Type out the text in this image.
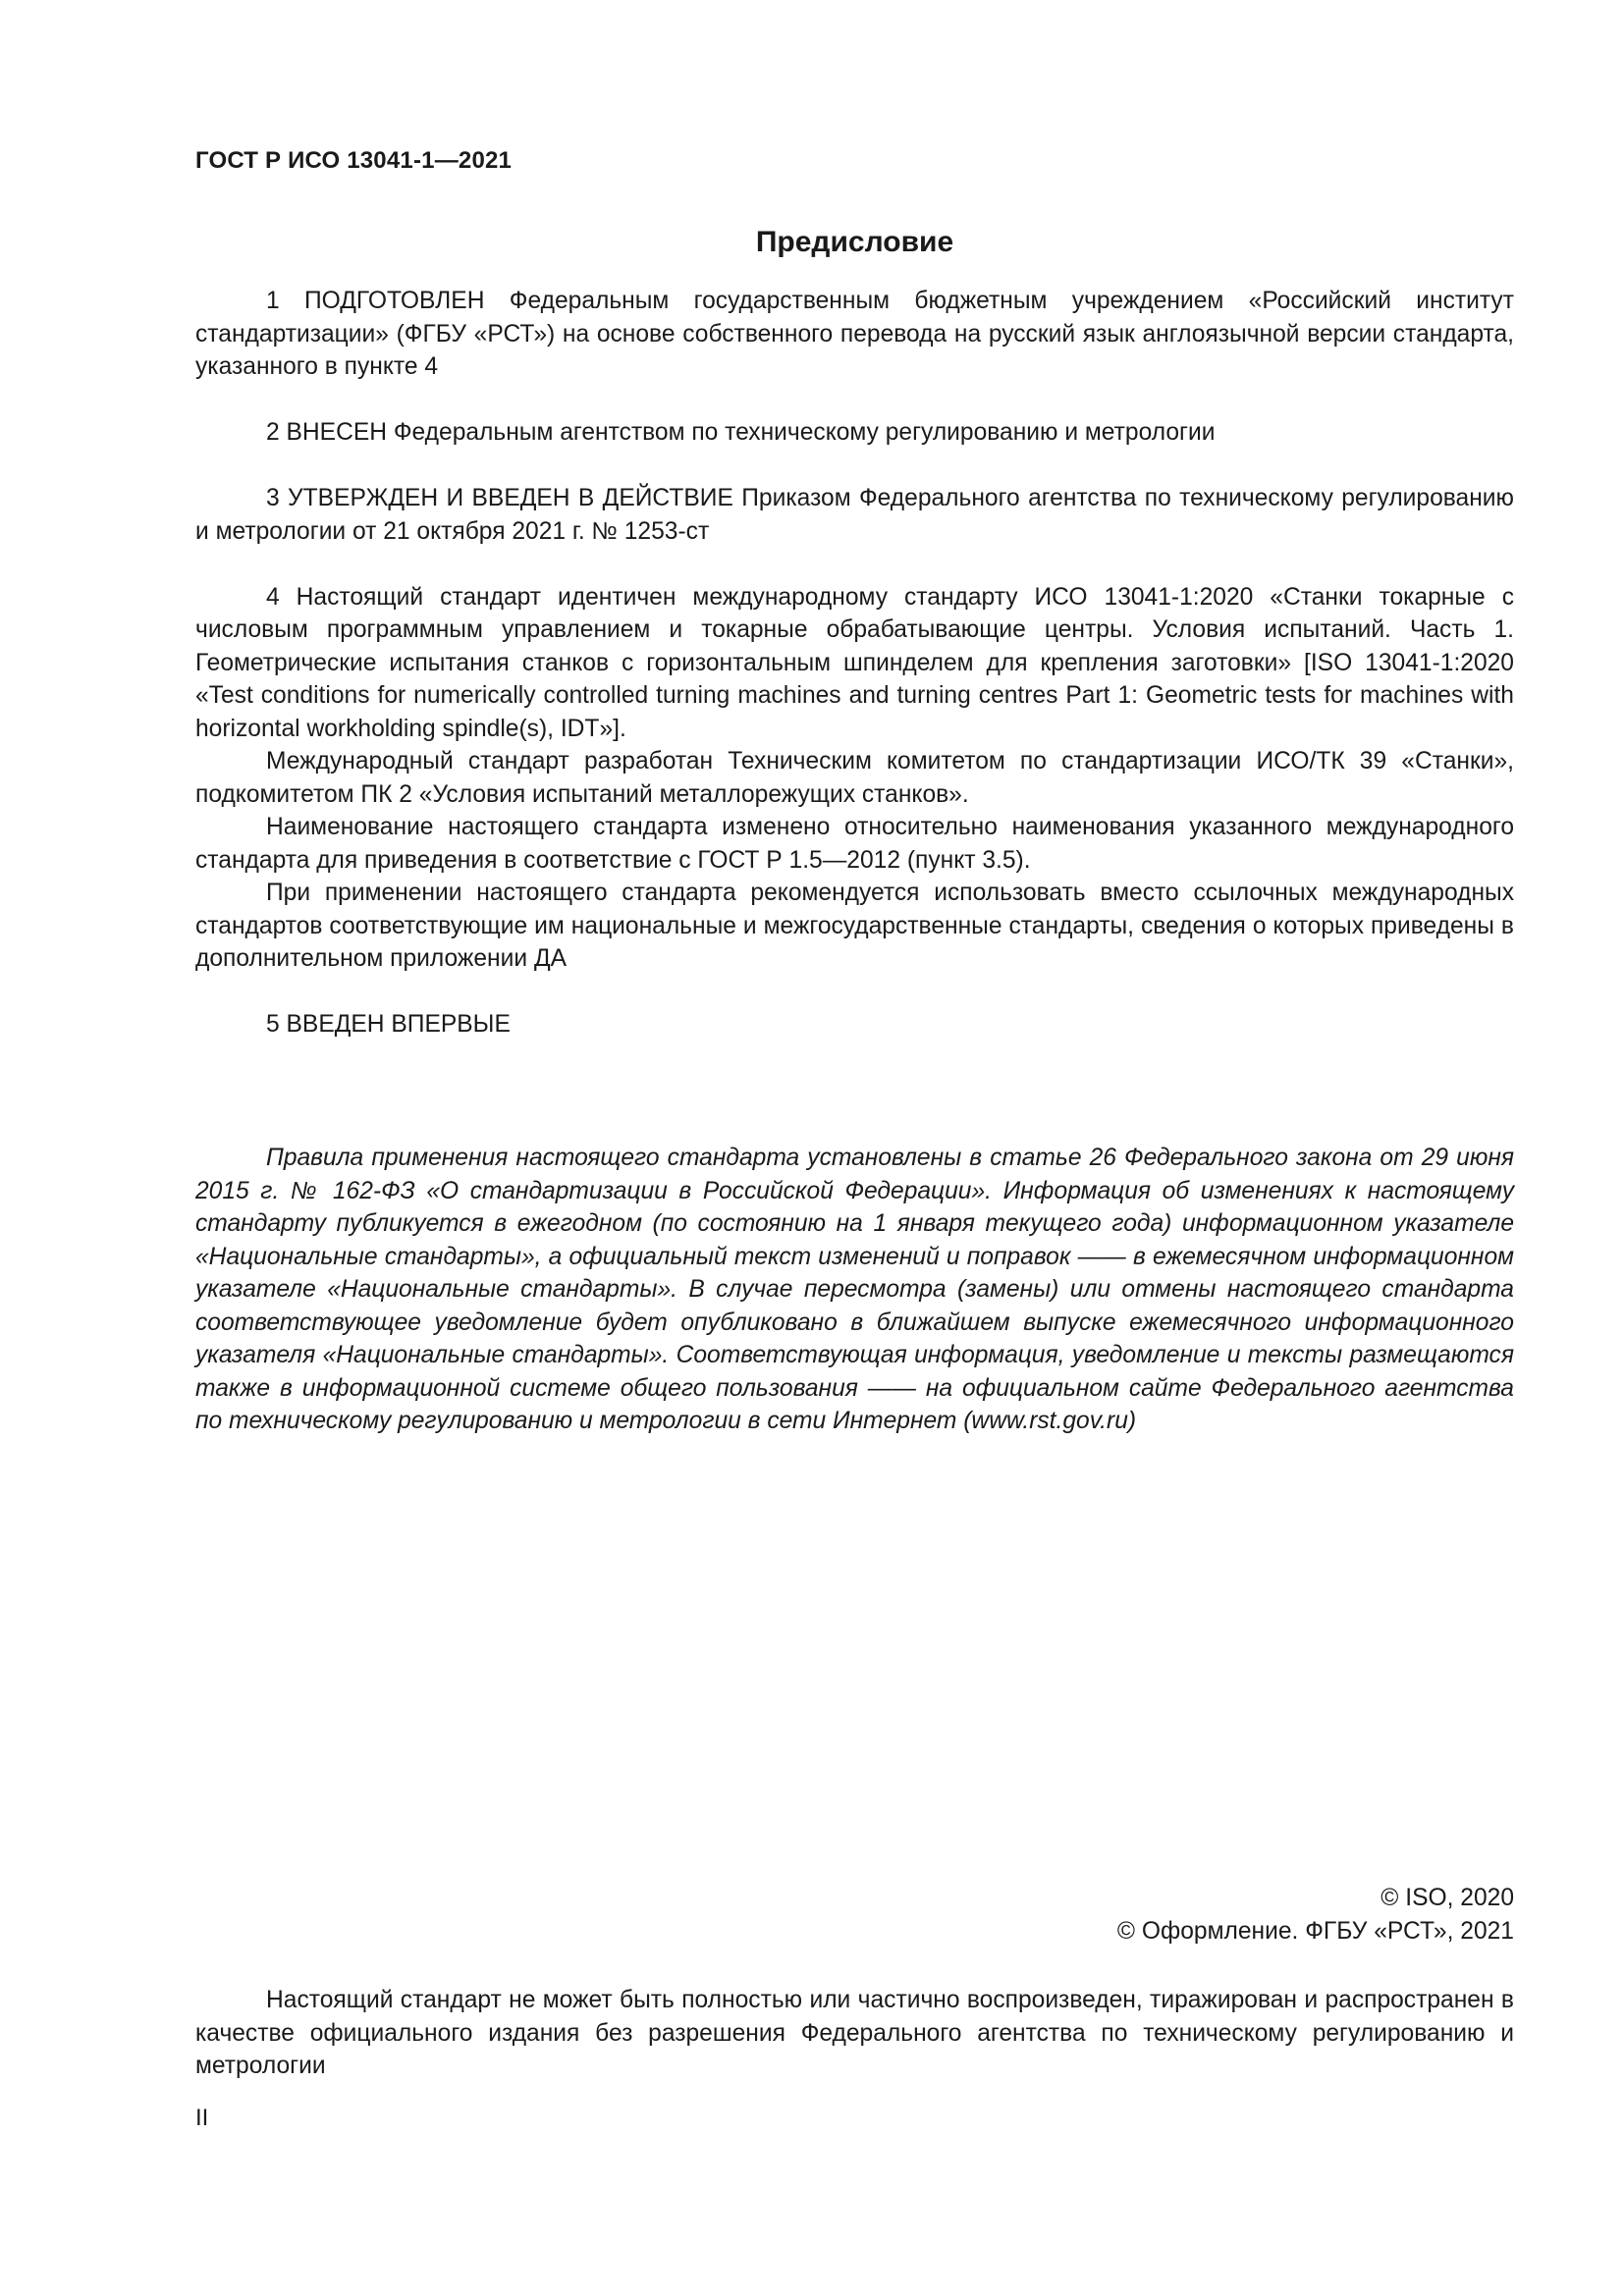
ГОСТ Р ИСО 13041-1—2021
Предисловие

1 ПОДГОТОВЛЕН Федеральным государственным бюджетным учреждением «Российский институт стандартизации» (ФГБУ «РСТ») на основе собственного перевода на русский язык англоязычной версии стандарта, указанного в пункте 4

2 ВНЕСЕН Федеральным агентством по техническому регулированию и метрологии

3 УТВЕРЖДЕН И ВВЕДЕН В ДЕЙСТВИЕ Приказом Федерального агентства по техническому регулированию и метрологии от 21 октября 2021 г. № 1253-ст

4 Настоящий стандарт идентичен международному стандарту ИСО 13041-1:2020 «Станки токарные с числовым программным управлением и токарные обрабатывающие центры. Условия испытаний. Часть 1. Геометрические испытания станков с горизонтальным шпинделем для крепления заготовки» [ISO 13041-1:2020 «Test conditions for numerically controlled turning machines and turning centres Part 1: Geometric tests for machines with horizontal workholding spindle(s), IDT»].

Международный стандарт разработан Техническим комитетом по стандартизации ИСО/ТК 39 «Станки», подкомитетом ПК 2 «Условия испытаний металлорежущих станков».

Наименование настоящего стандарта изменено относительно наименования указанного международного стандарта для приведения в соответствие с ГОСТ Р 1.5—2012 (пункт 3.5).

При применении настоящего стандарта рекомендуется использовать вместо ссылочных международных стандартов соответствующие им национальные и межгосударственные стандарты, сведения о которых приведены в дополнительном приложении ДА

5 ВВЕДЕН ВПЕРВЫЕ

Правила применения настоящего стандарта установлены в статье 26 Федерального закона от 29 июня 2015 г. № 162-ФЗ «О стандартизации в Российской Федерации». Информация об изменениях к настоящему стандарту публикуется в ежегодном (по состоянию на 1 января текущего года) информационном указателе «Национальные стандарты», а официальный текст изменений и поправок —— в ежемесячном информационном указателе «Национальные стандарты». В случае пересмотра (замены) или отмены настоящего стандарта соответствующее уведомление будет опубликовано в ближайшем выпуске ежемесячного информационного указателя «Национальные стандарты». Соответствующая информация, уведомление и тексты размещаются также в информационной системе общего пользования —— на официальном сайте Федерального агентства по техническому регулированию и метрологии в сети Интернет (www.rst.gov.ru)

© ISO, 2020
© Оформление. ФГБУ «РСТ», 2021

Настоящий стандарт не может быть полностью или частично воспроизведен, тиражирован и распространен в качестве официального издания без разрешения Федерального агентства по техническому регулированию и метрологии

II
